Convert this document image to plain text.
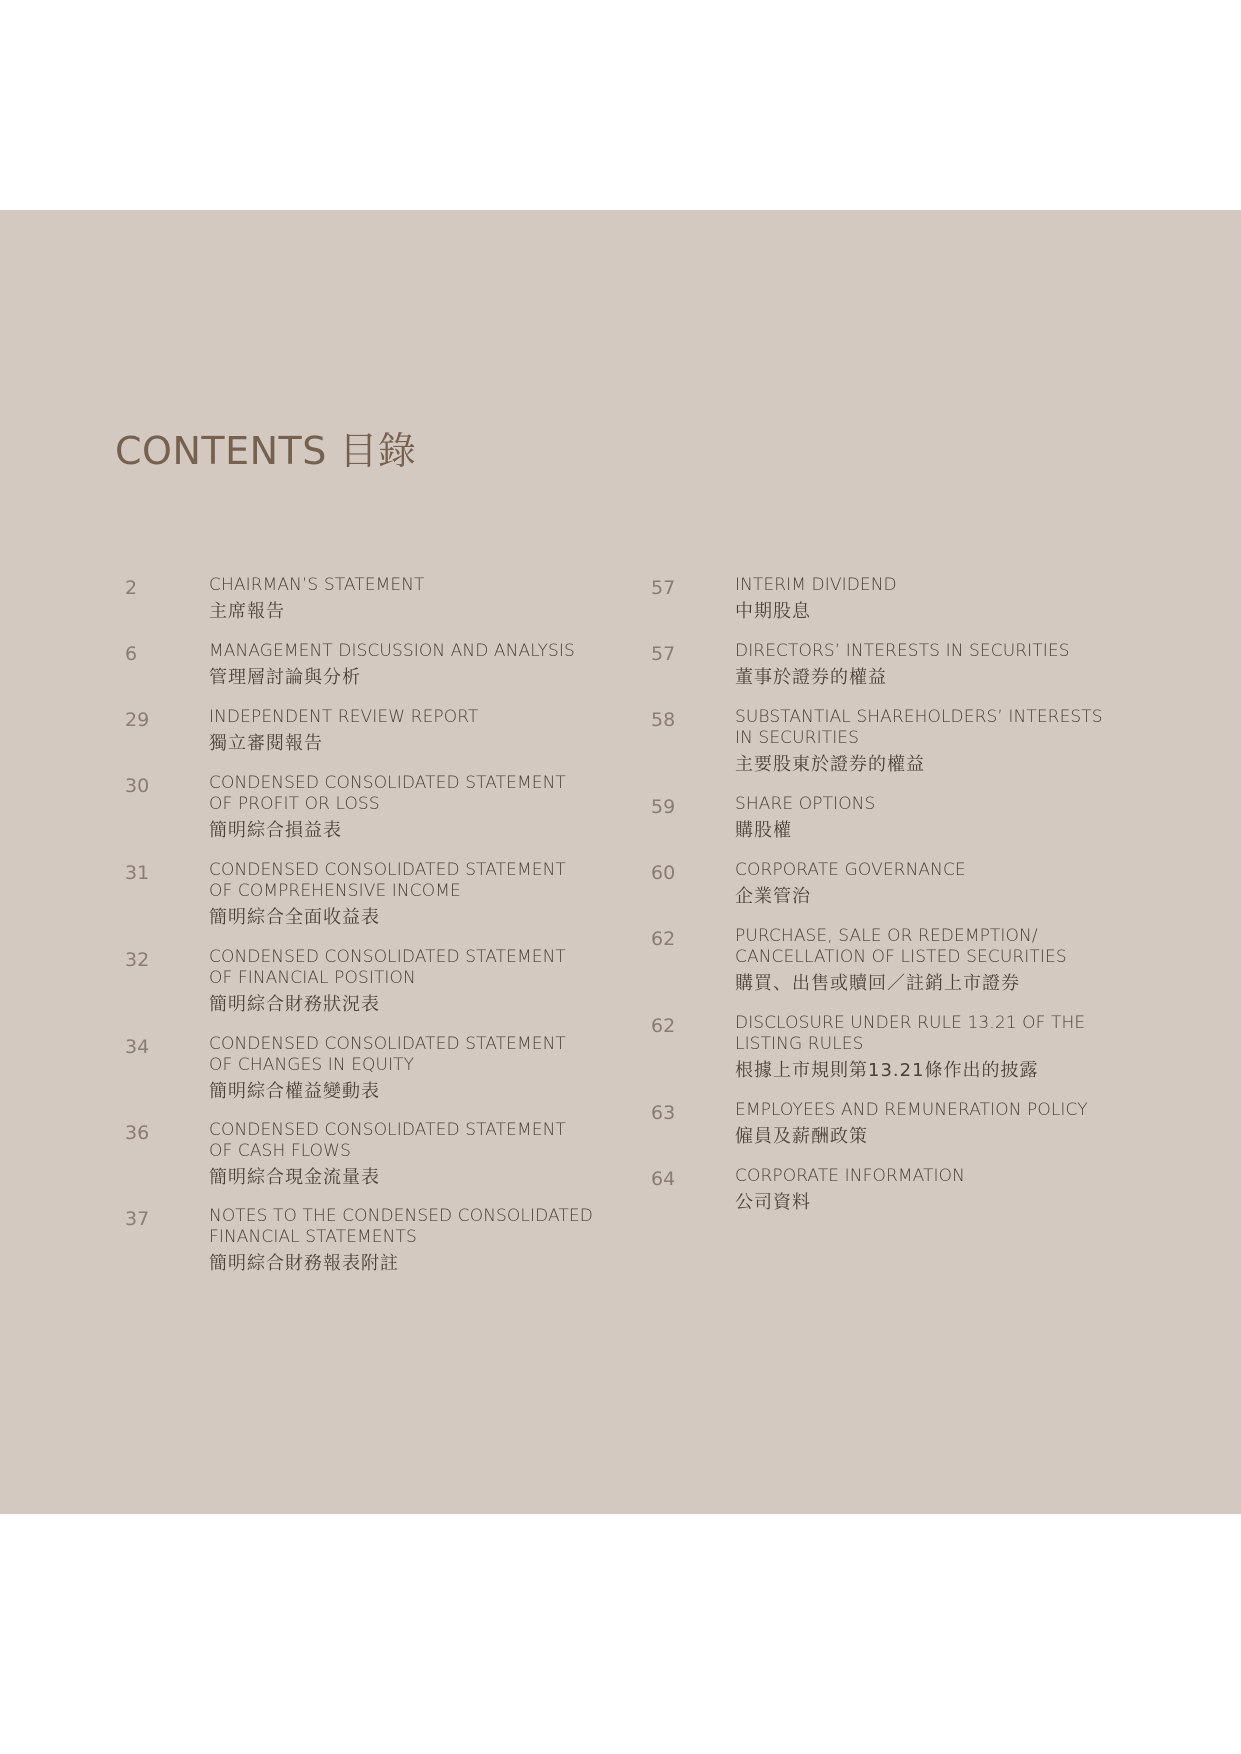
CONTENTS 目錄
2	CHAIRMAN’S STATEMENT
主席報告
6	MANAGEMENT DISCUSSION AND ANALYSIS
管理層討論與分析
29	INDEPENDENT REVIEW REPORT
獨立審閱報告
30	CONDENSED CONSOLIDATED STATEMENT
OF PROFIT OR LOSS
簡明綜合損益表
31	CONDENSED CONSOLIDATED STATEMENT
OF COMPREHENSIVE INCOME
簡明綜合全面收益表
32	CONDENSED CONSOLIDATED STATEMENT
OF FINANCIAL POSITION
簡明綜合財務狀況表
34	CONDENSED CONSOLIDATED STATEMENT
OF CHANGES IN EQUITY
簡明綜合權益變動表
36	CONDENSED CONSOLIDATED STATEMENT
OF CASH FLOWS
簡明綜合現金流量表
37	NOTES TO THE CONDENSED CONSOLIDATED
FINANCIAL STATEMENTS
簡明綜合財務報表附註
57	INTERIM DIVIDEND
中期股息
57	DIRECTORS’ INTERESTS IN SECURITIES
董事於證券的權益
58	SUBSTANTIAL SHAREHOLDERS’ INTERESTS
IN SECURITIES
主要股東於證券的權益
59	SHARE OPTIONS
購股權
60	CORPORATE GOVERNANCE
企業管治
62	PURCHASE, SALE OR REDEMPTION/
CANCELLATION OF LISTED SECURITIES
購買、出售或贖回／註銷上市證券
62	DISCLOSURE UNDER RULE 13.21 OF THE
LISTING RULES
根據上市規則第13.21條作出的披露
63	EMPLOYEES AND REMUNERATION POLICY
僱員及薪酬政策
64	CORPORATE INFORMATION
公司資料
